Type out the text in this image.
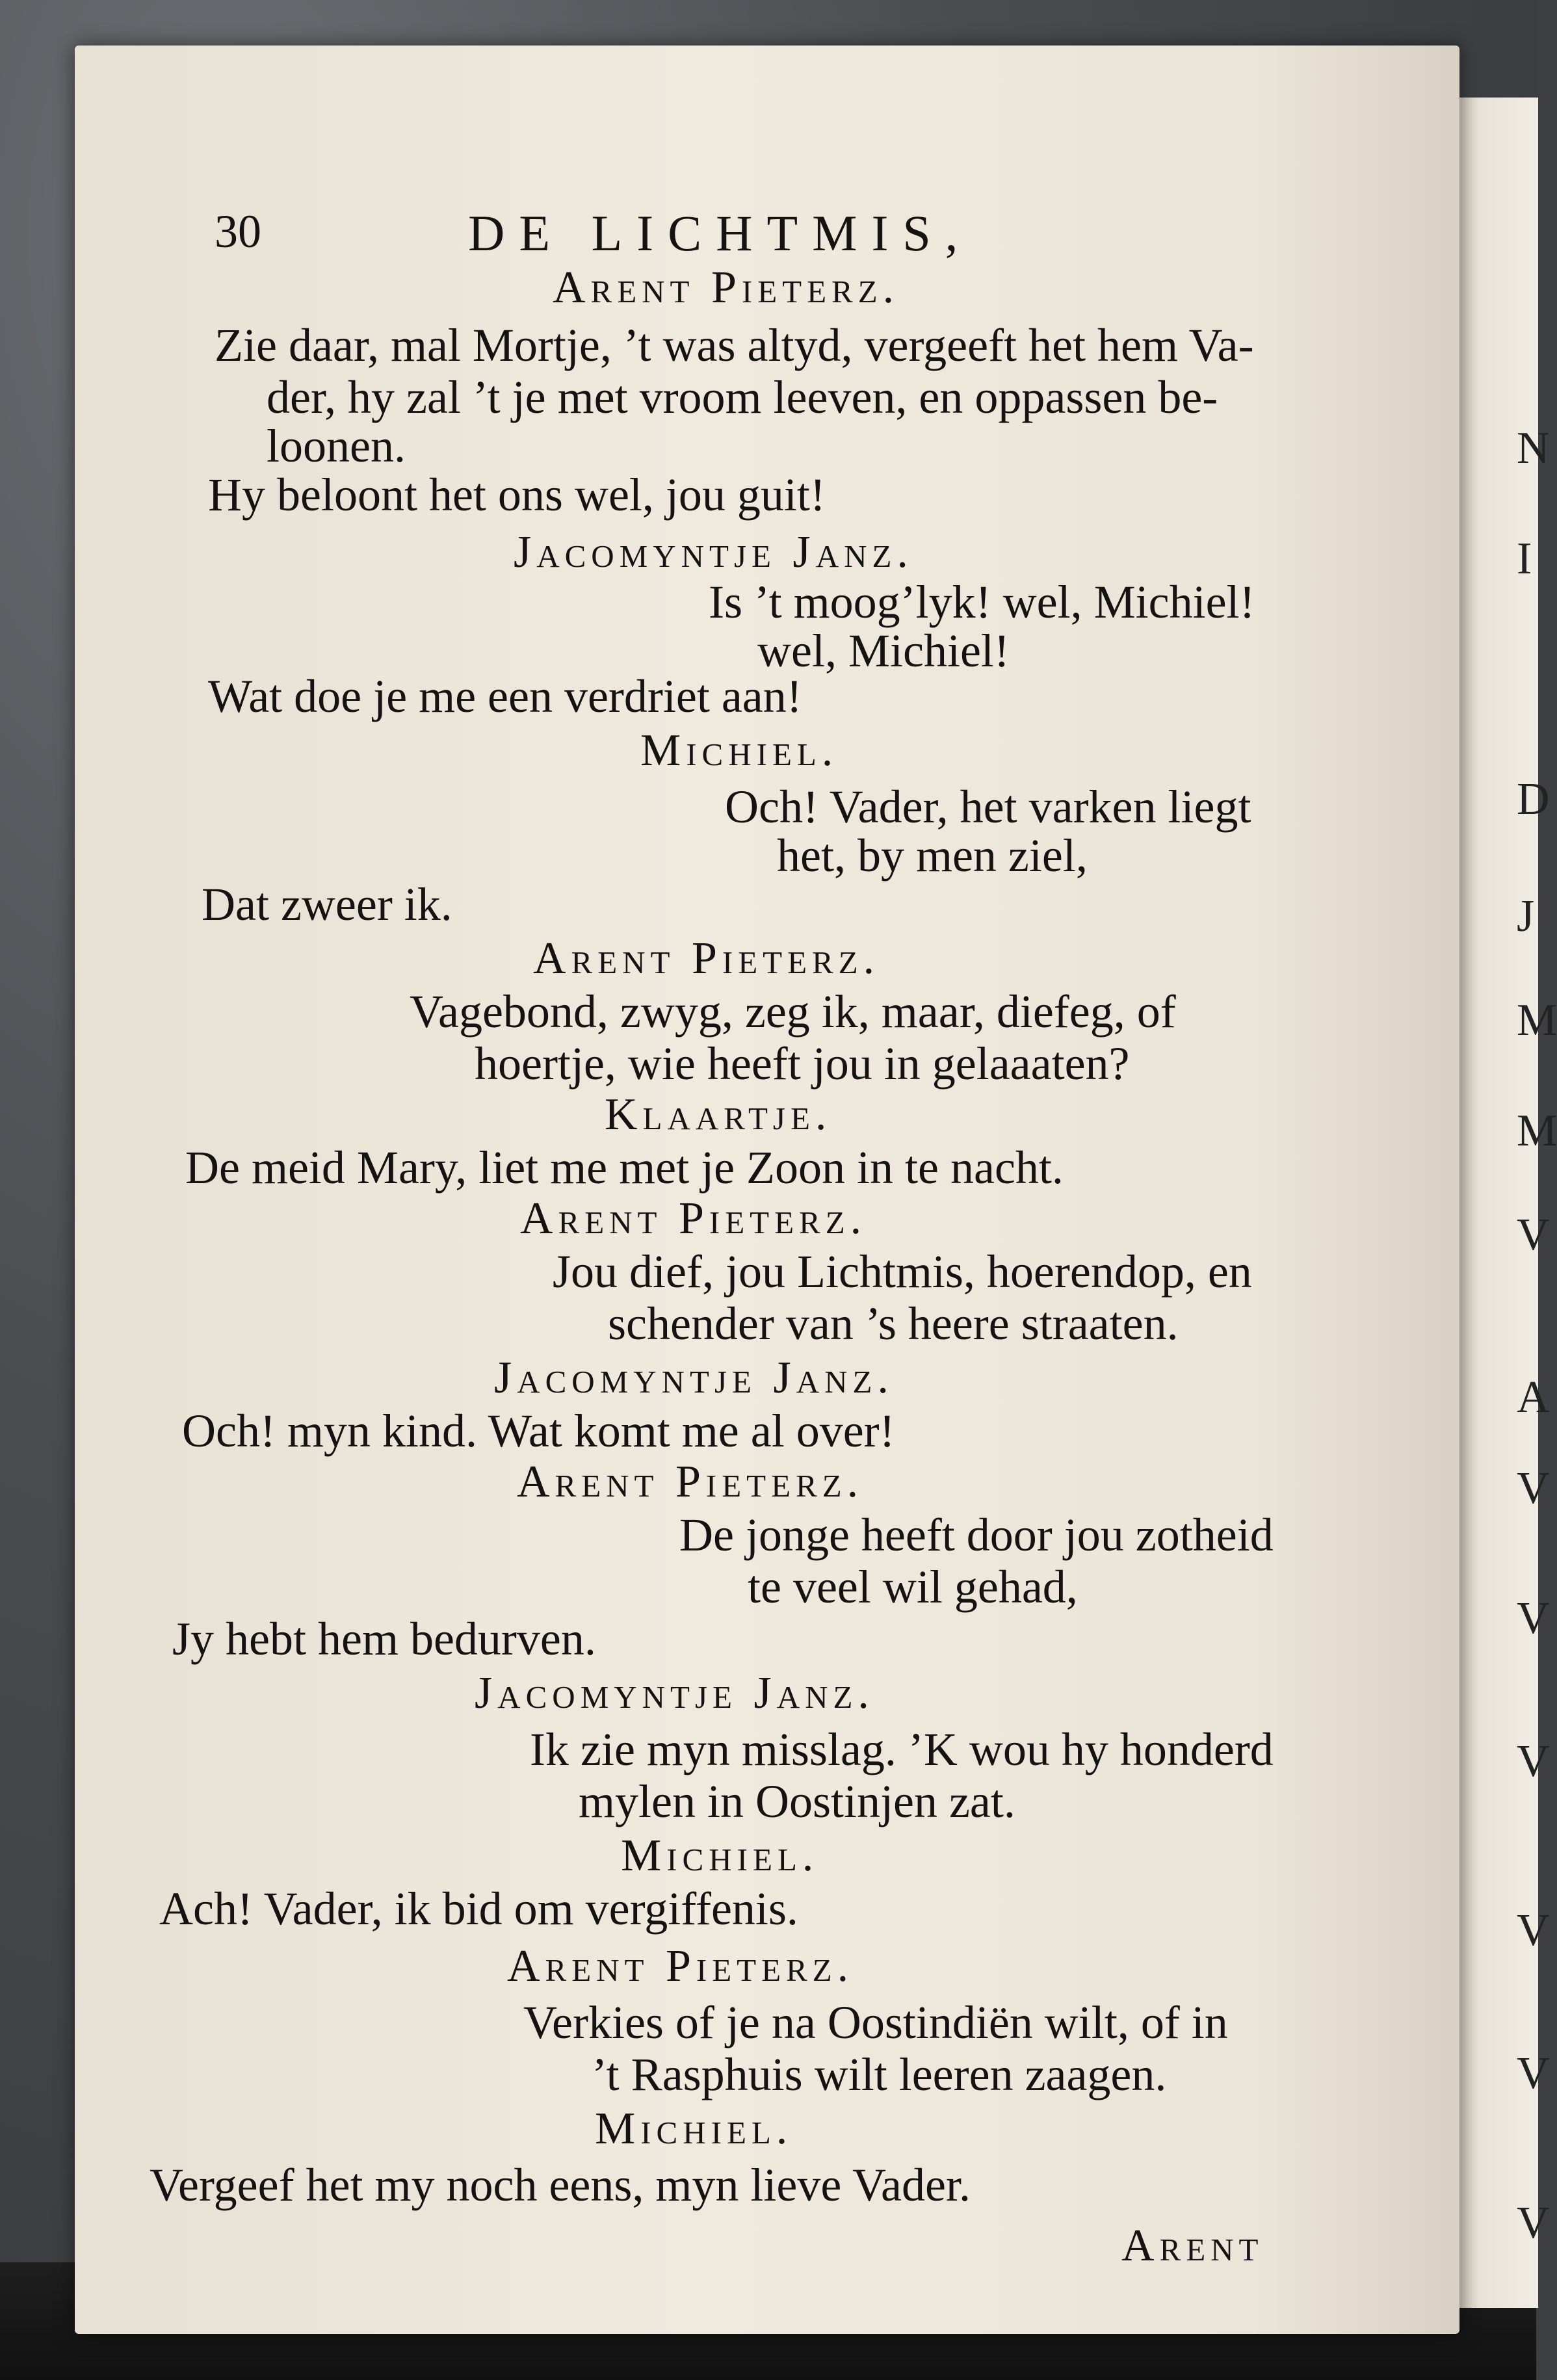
N
I
D
J
M
M
V
A
V
V
V
V
V
V
30	DE LICHTMIS,
Arent Pieterz.
Zie daar, mal Mortje, ’t was altyd, vergeeft het hem Va-
der, hy zal ’t je met vroom leeven, en oppassen be-
loonen.
Hy beloont het ons wel, jou guit!
Jacomyntje Janz.
Is ’t moog’lyk! wel, Michiel!
wel, Michiel!
Wat doe je me een verdriet aan!
Michiel.
Och! Vader, het varken liegt
het, by men ziel,
Dat zweer ik.
Arent Pieterz.
Vagebond, zwyg, zeg ik, maar, diefeg, of
hoertje, wie heeft jou in gelaaaten?
Klaartje.
De meid Mary, liet me met je Zoon in te nacht.
Arent Pieterz.
Jou dief, jou Lichtmis, hoerendop, en
schender van ’s heere straaten.
Jacomyntje Janz.
Och! myn kind. Wat komt me al over!
Arent Pieterz.
De jonge heeft door jou zotheid
te veel wil gehad,
Jy hebt hem bedurven.
Jacomyntje Janz.
Ik zie myn misslag. ’K wou hy honderd
mylen in Oostinjen zat.
Michiel.
Ach! Vader, ik bid om vergiffenis.
Arent Pieterz.
Verkies of je na Oostindiën wilt, of in
’t Rasphuis wilt leeren zaagen.
Michiel.
Vergeef het my noch eens, myn lieve Vader.
Arent
